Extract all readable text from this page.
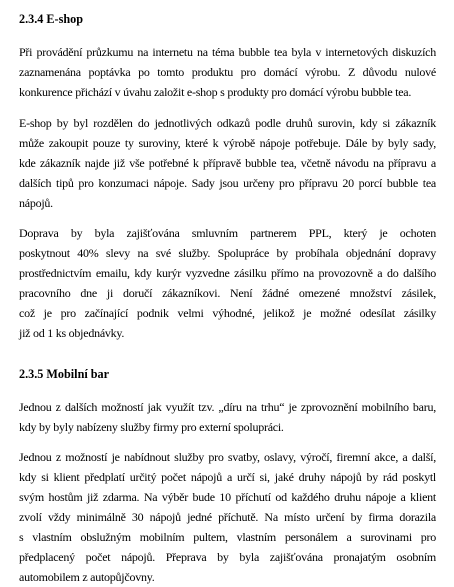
2.3.4 E-shop
Při provádění průzkumu na internetu na téma bubble tea byla v internetových diskuzích
zaznamenána poptávka po tomto produktu pro domácí výrobu. Z důvodu nulové
konkurence přichází v úvahu založit e-shop s produkty pro domácí výrobu bubble tea.
E-shop by byl rozdělen do jednotlivých odkazů podle druhů surovin, kdy si zákazník
může zakoupit pouze ty suroviny, které k výrobě nápoje potřebuje. Dále by byly sady,
kde zákazník najde již vše potřebné k přípravě bubble tea, včetně návodu na přípravu a
dalších tipů pro konzumaci nápoje. Sady jsou určeny pro přípravu 20 porcí bubble tea
nápojů.
Doprava by byla zajišťována smluvním partnerem PPL, který je ochoten
poskytnout 40% slevy na své služby. Spolupráce by probíhala objednání dopravy
prostřednictvím emailu, kdy kurýr vyzvedne zásilku přímo na provozovně a do dalšího
pracovního dne ji doručí zákazníkovi. Není žádné omezené množství zásilek,
což je pro začínající podnik velmi výhodné, jelikož je možné odesílat zásilky
již od 1 ks objednávky.
2.3.5 Mobilní bar
Jednou z dalších možností jak využít tzv. „díru na trhu“ je zprovoznění mobilního baru,
kdy by byly nabízeny služby firmy pro externí spolupráci.
Jednou z možností je nabídnout služby pro svatby, oslavy, výročí, firemní akce, a další,
kdy si klient předplatí určitý počet nápojů a určí si, jaké druhy nápojů by rád poskytl
svým hostům již zdarma. Na výběr bude 10 příchutí od každého druhu nápoje a klient
zvolí vždy minimálně 30 nápojů jedné příchutě. Na místo určení by firma dorazila
s vlastním obslužným mobilním pultem, vlastním personálem a surovinami pro
předplacený počet nápojů. Přeprava by byla zajišťována pronajatým osobním
automobilem z autopůjčovny.
